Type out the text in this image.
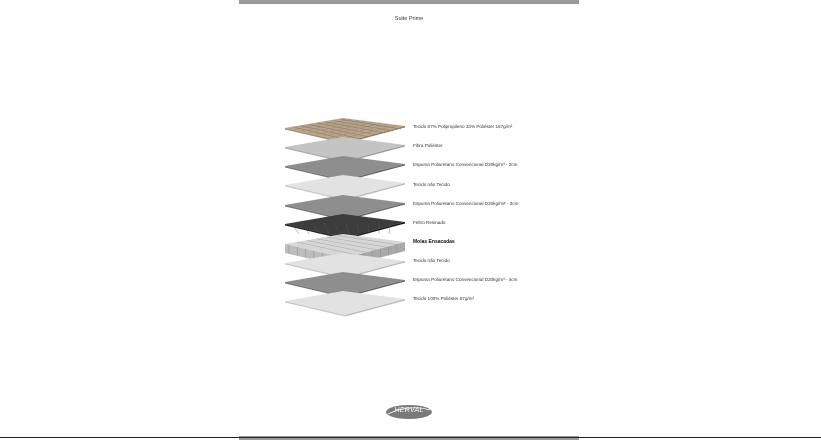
Suite Prime
Tecido 67% Polipropileno 33% Poliéster 167g/m²
Fibra Poliéster
Espuma Poliuretano Convencional D20kg/m³ - 2cm
Tecido não Tecido
Espuma Poliuretano Convencional D20kg/m# - 3cm
Feltro Resinado
Molas Ensacadas
Tecido não Tecido
Espuma Poliuretano Convencional D20kg/m³ - 4cm
Tecido 100% Poliéster 67g/m²
HERVAL
